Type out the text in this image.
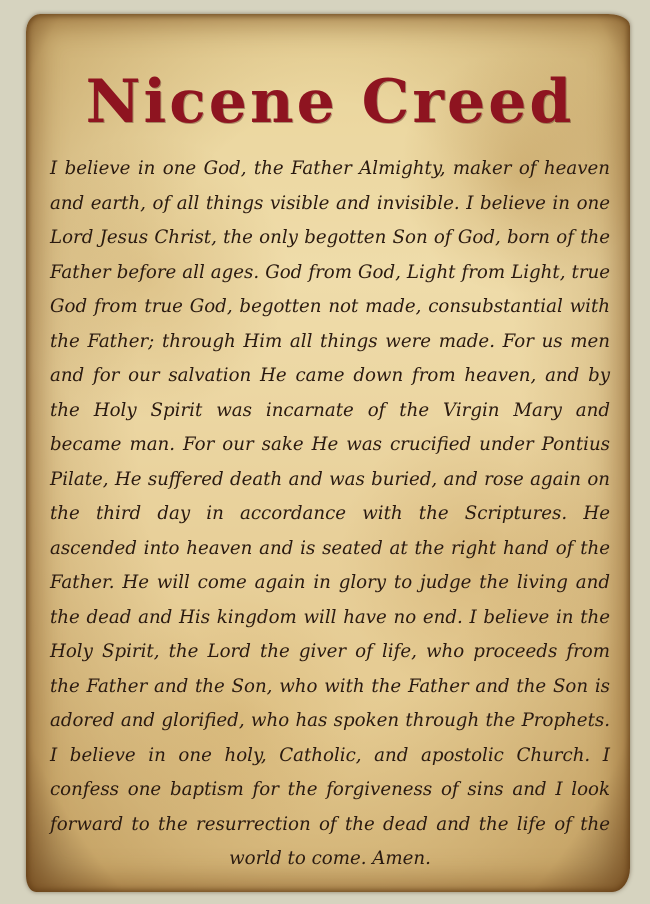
Nicene Creed

I believe in one God, the Father Almighty, maker of heaven and earth, of all things visible and invisible. I believe in one Lord Jesus Christ, the only begotten Son of God, born of the Father before all ages. God from God, Light from Light, true God from true God, begotten not made, consubstantial with the Father; through Him all things were made. For us men and for our salvation He came down from heaven, and by the Holy Spirit was incarnate of the Virgin Mary and became man. For our sake He was crucified under Pontius Pilate, He suffered death and was buried, and rose again on the third day in accordance with the Scriptures. He ascended into heaven and is seated at the right hand of the Father. He will come again in glory to judge the living and the dead and His kingdom will have no end. I believe in the Holy Spirit, the Lord the giver of life, who proceeds from the Father and the Son, who with the Father and the Son is adored and glorified, who has spoken through the Prophets. I believe in one holy, Catholic, and apostolic Church. I confess one baptism for the forgiveness of sins and I look forward to the resurrection of the dead and the life of the world to come. Amen.
